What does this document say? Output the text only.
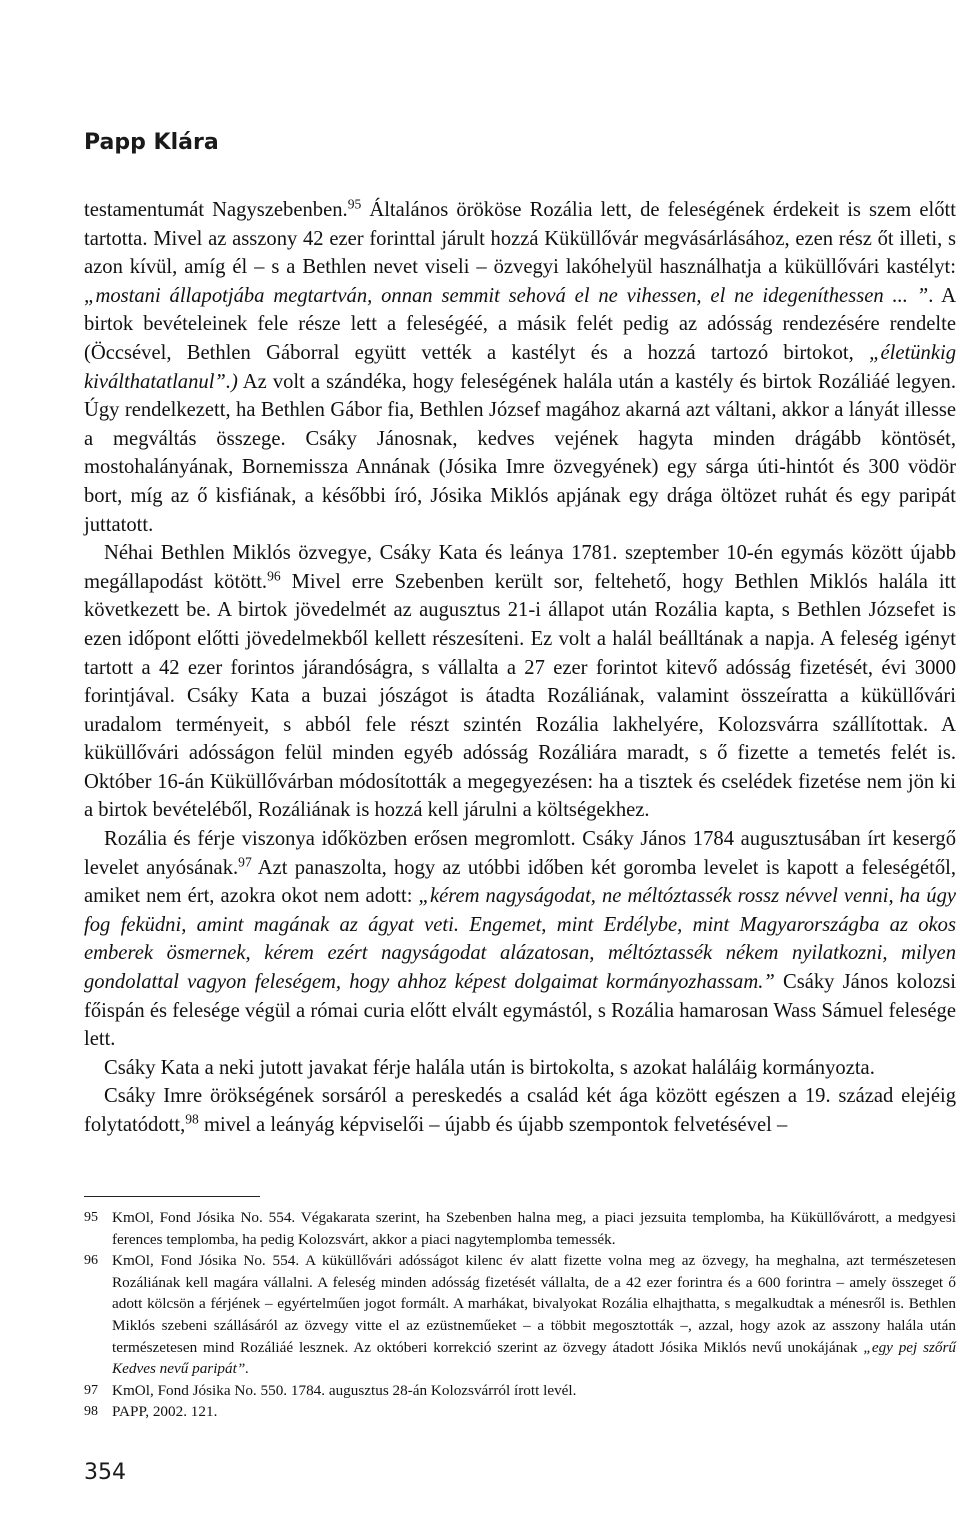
Papp Klára

testamentumát Nagyszebenben.$^{95}$ Általános örököse Rozália lett, de feleségének érdekeit is szem előtt tartotta. Mivel az asszony 42 ezer forinttal járult hozzá Küküllővár megvásárlásához, ezen rész őt illeti, s azon kívül, amíg él – s a Bethlen nevet viseli – özvegyi lakóhelyül használhatja a küküllővári kastélyt: „mostani állapotjába megtartván, onnan semmit sehová el ne vihessen, el ne idegeníthessen ... ”. A birtok bevételeinek fele része lett a feleségéé, a másik felét pedig az adósság rendezésére rendelte (Öccsével, Bethlen Gáborral együtt vették a kastélyt és a hozzá tartozó birtokot, „életünkig kiválthatatlanul”.) Az volt a szándéka, hogy feleségének halála után a kastély és birtok Rozáliáé legyen. Úgy rendelkezett, ha Bethlen Gábor fia, Bethlen József magához akarná azt váltani, akkor a lányát illesse a megváltás összege. Csáky Jánosnak, kedves vejének hagyta minden drágább köntösét, mostohalányának, Bornemissza Annának (Jósika Imre özvegyének) egy sárga úti-hintót és 300 vödör bort, míg az ő kisfiának, a későbbi író, Jósika Miklós apjának egy drága öltözet ruhát és egy paripát juttatott.

Néhai Bethlen Miklós özvegye, Csáky Kata és leánya 1781. szeptember 10-én egymás között újabb megállapodást kötött.$^{96}$ Mivel erre Szebenben került sor, feltehető, hogy Bethlen Miklós halála itt következett be. A birtok jövedelmét az augusztus 21-i állapot után Rozália kapta, s Bethlen Józsefet is ezen időpont előtti jövedelmekből kellett részesíteni. Ez volt a halál beálltának a napja. A feleség igényt tartott a 42 ezer forintos járandóságra, s vállalta a 27 ezer forintot kitevő adósság fizetését, évi 3000 forintjával. Csáky Kata a buzai jószágot is átadta Rozáliának, valamint összeíratta a küküllővári uradalom terményeit, s abból fele részt szintén Rozália lakhelyére, Kolozsvárra szállítottak. A küküllővári adósságon felül minden egyéb adósság Rozáliára maradt, s ő fizette a temetés felét is. Október 16-án Küküllővárban módosították a megegyezésen: ha a tisztek és cselédek fizetése nem jön ki a birtok bevételéből, Rozáliának is hozzá kell járulni a költségekhez.

Rozália és férje viszonya időközben erősen megromlott. Csáky János 1784 augusztusában írt kesergő levelet anyósának.$^{97}$ Azt panaszolta, hogy az utóbbi időben két goromba levelet is kapott a feleségétől, amiket nem ért, azokra okot nem adott: „kérem nagyságodat, ne méltóztassék rossz névvel venni, ha úgy fog feküdni, amint magának az ágyat veti. Engemet, mint Erdélybe, mint Magyarországba az okos emberek ösmernek, kérem ezért nagyságodat alázatosan, méltóztassék nékem nyilatkozni, milyen gondolattal vagyon feleségem, hogy ahhoz képest dolgaimat kormányozhassam.” Csáky János kolozsi főispán és felesége végül a római curia előtt elvált egymástól, s Rozália hamarosan Wass Sámuel felesége lett.

Csáky Kata a neki jutott javakat férje halála után is birtokolta, s azokat haláláig kormányozta.

Csáky Imre örökségének sorsáról a pereskedés a család két ága között egészen a 19. század elejéig folytatódott,$^{98}$ mivel a leányág képviselői – újabb és újabb szempontok felvetésével –

95 KmOl, Fond Jósika No. 554. Végakarata szerint, ha Szebenben halna meg, a piaci jezsuita templomba, ha Küküllővárott, a medgyesi ferences templomba, ha pedig Kolozsvárt, akkor a piaci nagytemplomba temessék.

96 KmOl, Fond Jósika No. 554. A küküllővári adósságot kilenc év alatt fizette volna meg az özvegy, ha meghalna, azt természetesen Rozáliának kell magára vállalni. A feleség minden adósság fizetését vállalta, de a 42 ezer forintra és a 600 forintra – amely összeget ő adott kölcsön a férjének – egyértelműen jogot formált. A marhákat, bivalyokat Rozália elhajthatta, s megalkudtak a ménesről is. Bethlen Miklós szebeni szállásáról az özvegy vitte el az ezüstneműeket – a többit megosztották –, azzal, hogy azok az asszony halála után természetesen mind Rozáliáé lesznek. Az októberi korrekció szerint az özvegy átadott Jósika Miklós nevű unokájának „egy pej szőrű Kedves nevű paripát”.

97 KmOl, Fond Jósika No. 550. 1784. augusztus 28-án Kolozsvárról írott levél.

98 PAPP, 2002. 121.

354
